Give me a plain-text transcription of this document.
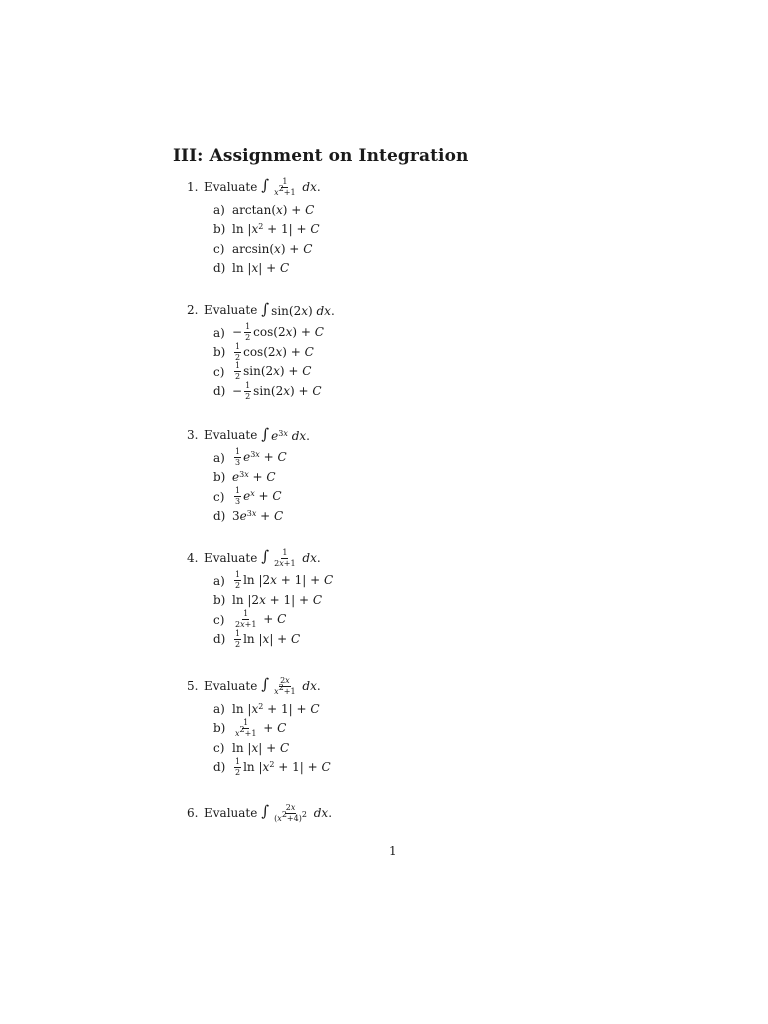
III: Assignment on Integration
1. Evaluate ∫ $\frac{1}{x^2+1}$ dx.
a) arctan(x) + C
b) $\ln |x^2 + 1| + C$
c) arcsin(x) + C
d) ln |x| + C
2. Evaluate ∫ sin(2x) dx.
$a) - \frac{1}{2} \cos(2x) + C$
b)	$\frac{1}{2} \cos(2x) + C$
c)	$\frac{1}{2} \sin(2x) + C$
$d) - \frac{1}{2} \sin(2x) + C$
3. Evaluate ∫ $e^{3x}$ dx.
a)	$\frac{1}{3} e^{3x} + C$
b) $e^{3x} + C$
c)	$\frac{1}{3} e^x + C$
d) $3e^{3x} + C$
4. Evaluate ∫ $\frac{1}{2x+1}$ dx.
a)	$\frac{1}{2}$ ln |2x + 1| + C
b) ln |2x + 1| + C
c)	$\frac{1}{2x+1} + C$
d)	$\frac{1}{2}$ ln |x| + C
5. Evaluate ∫ $\frac{2x}{x^2+1}$ dx.
a) $\ln |x^2 + 1| + C$
b)	$\frac{1}{x^2+1} + C$
c) ln |x| + C
d)	$\frac{1}{2}$ $\ln |x^2 + 1| + C$
6. Evaluate ∫ $\frac{2x}{(x^2+4)^2}$ dx.
1
